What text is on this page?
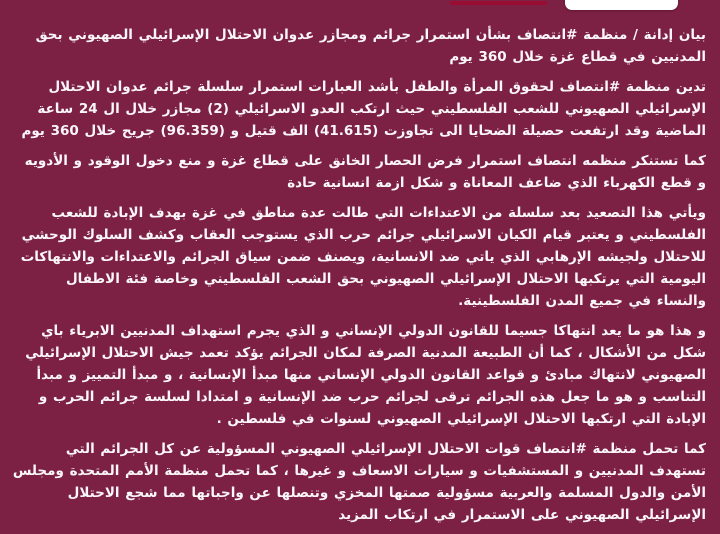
بيان إدانة / منظمة #انتصاف بشأن استمرار جرائم ومجازر عدوان الاحتلال الإسرائيلي الصهيوني بحق المدنيين في قطاع غزة خلال 360 يوم

تدين منظمة #انتصاف لحقوق المرأة والطفل بأشد العبارات استمرار سلسلة جرائم عدوان الاحتلال الإسرائيلي الصهيوني للشعب الفلسطيني حيث ارتكب العدو الاسرائيلي (2) مجازر خلال ال 24 ساعة الماضية وقد ارتفعت حصيلة الضحايا الى تجاوزت (41.615) الف قتيل و (96.359) جريح خلال 360 يوم

كما تستنكر منظمه انتصاف استمرار فرض الحصار الخانق على قطاع غزة و منع دخول الوقود و الأدويه و قطع الكهرباء الذي ضاعف المعاناة و شكل ازمة انسانية حادة

ويأتي هذا التصعيد بعد سلسلة من الاعتداءات التي طالت عدة مناطق في غزة بهدف الإبادة للشعب الفلسطيني و يعتبر قيام الكيان الاسرائيلي جرائم حرب الذي يستوجب العقاب وكشف السلوك الوحشي للاحتلال ولجيشه الإرهابي الذي ياتي ضد الانسانية، ويصنف ضمن سياق الجرائم والاعتداءات والانتهاكات اليومية التي يرتكبها الاحتلال الإسرائيلي الصهيوني بحق الشعب الفلسطيني وخاصة فئة الاطفال والنساء في جميع المدن الفلسطينية.

و هذا هو ما يعد انتهاكا جسيما للقانون الدولي الإنساني و الذي يجرم استهداف المدنيين الابرياء باي شكل من الأشكال ، كما أن الطبيعة المدنية الصرفة لمكان الجرائم يؤكد تعمد جيش الاحتلال الإسرائيلي الصهيوني لانتهاك مبادئ و قواعد القانون الدولي الإنساني منها مبدأ الإنسانية ، و مبدأ التمييز و مبدأ التناسب و هو ما جعل هذه الجرائم ترقى لجرائم حرب ضد الإنسانية و امتدادا لسلسة جرائم الحرب و الإبادة التي ارتكبها الاحتلال الإسرائيلي الصهيوني لسنوات في فلسطين .

كما تحمل منظمة #انتصاف قوات الاحتلال الإسرائيلي الصهيوني المسؤولية عن كل الجرائم التي تستهدف المدنيين و المستشفيات و سيارات الاسعاف و غيرها ، كما تحمل منظمة الأمم المتحدة ومجلس الأمن والدول المسلمة والعربية مسؤولية صمتها المخزي وتنصلها عن واجباتها مما شجع الاحتلال الإسرائيلي الصهيوني على الاستمرار في ارتكاب المزيد
